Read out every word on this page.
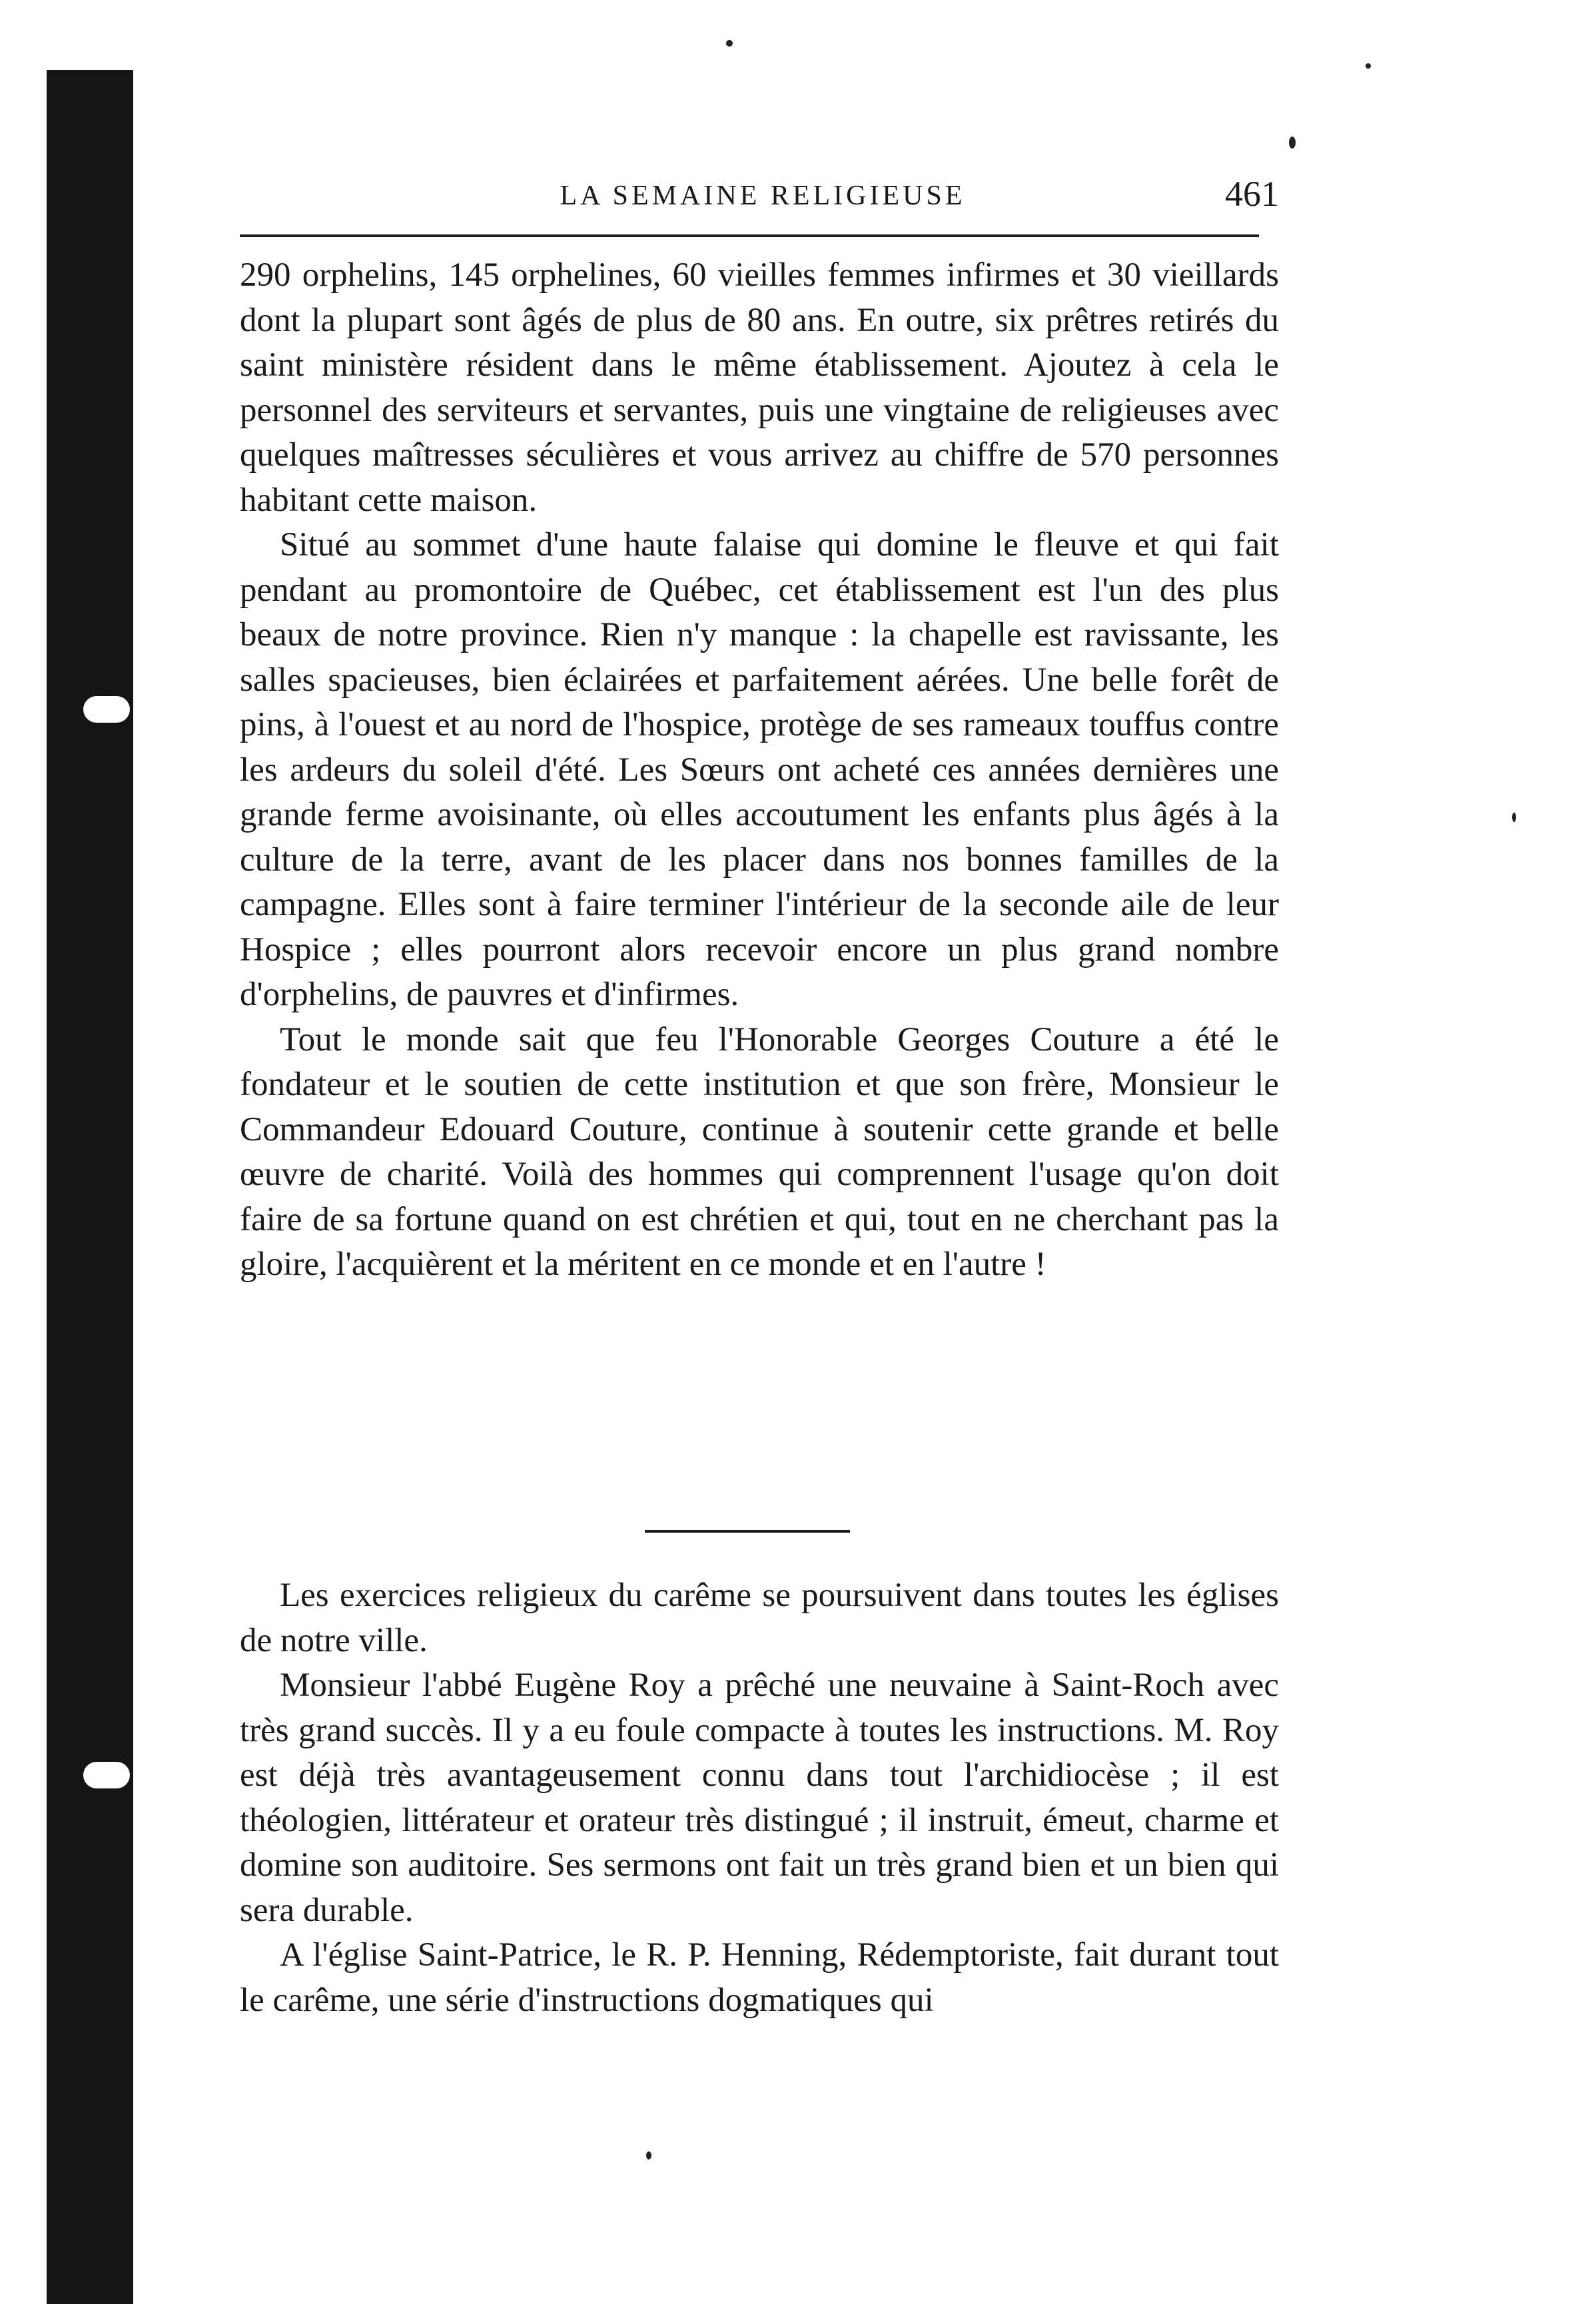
LA SEMAINE RELIGIEUSE	461

290 orphelins, 145 orphelines, 60 vieilles femmes infirmes et 30 vieillards dont la plupart sont âgés de plus de 80 ans. En outre, six prêtres retirés du saint ministère résident dans le même établissement. Ajoutez à cela le personnel des serviteurs et servantes, puis une vingtaine de religieuses avec quelques maîtresses séculières et vous arrivez au chiffre de 570 personnes habitant cette maison.

Situé au sommet d'une haute falaise qui domine le fleuve et qui fait pendant au promontoire de Québec, cet établissement est l'un des plus beaux de notre province. Rien n'y manque : la chapelle est ravissante, les salles spacieuses, bien éclairées et parfaitement aérées. Une belle forêt de pins, à l'ouest et au nord de l'hospice, protège de ses rameaux touffus contre les ardeurs du soleil d'été. Les Sœurs ont acheté ces années dernières une grande ferme avoisinante, où elles accoutument les enfants plus âgés à la culture de la terre, avant de les placer dans nos bonnes familles de la campagne. Elles sont à faire terminer l'intérieur de la seconde aile de leur Hospice ; elles pourront alors recevoir encore un plus grand nombre d'orphelins, de pauvres et d'infirmes.

Tout le monde sait que feu l'Honorable Georges Couture a été le fondateur et le soutien de cette institution et que son frère, Monsieur le Commandeur Edouard Couture, continue à soutenir cette grande et belle œuvre de charité. Voilà des hommes qui comprennent l'usage qu'on doit faire de sa fortune quand on est chrétien et qui, tout en ne cherchant pas la gloire, l'acquièrent et la méritent en ce monde et en l'autre !

Les exercices religieux du carême se poursuivent dans toutes les églises de notre ville.

Monsieur l'abbé Eugène Roy a prêché une neuvaine à Saint-Roch avec très grand succès. Il y a eu foule compacte à toutes les instructions. M. Roy est déjà très avantageusement connu dans tout l'archidiocèse ; il est théologien, littérateur et orateur très distingué ; il instruit, émeut, charme et domine son auditoire. Ses sermons ont fait un très grand bien et un bien qui sera durable.

A l'église Saint-Patrice, le R. P. Henning, Rédemptoriste, fait durant tout le carême, une série d'instructions dogmatiques qui
